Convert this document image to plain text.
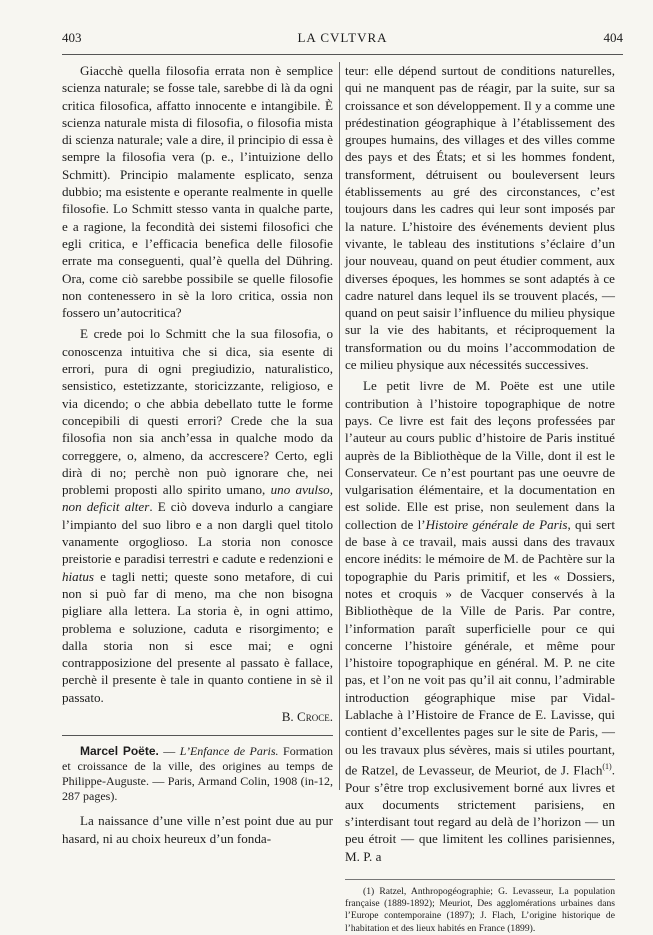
403	LA CVLTVRA	404

Giacchè quella filosofia errata non è semplice scienza naturale; se fosse tale, sarebbe di là da ogni critica filosofica, affatto innocente e intangibile. È scienza naturale mista di filosofia, o filosofia mista di scienza naturale; vale a dire, il principio di essa è sempre la filosofia vera (p. e., l’intuizione dello Schmitt). Principio malamente esplicato, senza dubbio; ma esistente e operante realmente in quelle filosofie. Lo Schmitt stesso vanta in qualche parte, e a ragione, la fecondità dei sistemi filosofici che egli critica, e l’efficacia benefica delle filosofie errate ma conseguenti, qual’è quella del Dühring. Ora, come ciò sarebbe possibile se quelle filosofie non contenessero in sè la loro critica, ossia non fossero un’autocritica?

E crede poi lo Schmitt che la sua filosofia, o conoscenza intuitiva che si dica, sia esente di errori, pura di ogni pregiudizio, naturalistico, sensistico, estetizzante, storicizzante, religioso, e via dicendo; o che abbia debellato tutte le forme concepibili di questi errori? Crede che la sua filosofia non sia anch’essa in qualche modo da correggere, o, almeno, da accrescere? Certo, egli dirà di no; perchè non può ignorare che, nei problemi proposti allo spirito umano, uno avulso, non deficit alter. E ciò doveva indurlo a cangiare l’impianto del suo libro e a non dargli quel titolo vanamente orgoglioso. La storia non conosce preistorie e paradisi terrestri e cadute e redenzioni e hiatus e tagli netti; queste sono metafore, di cui non si può far di meno, ma che non bisogna pigliare alla lettera. La storia è, in ogni attimo, problema e soluzione, caduta e risorgimento; e dalla storia non si esce mai; e ogni contrapposizione del presente al passato è fallace, perchè il presente è tale in quanto contiene in sè il passato.

B. Croce.

Marcel Poëte. — L’Enfance de Paris. Formation et croissance de la ville, des origines au temps de Philippe-Auguste. — Paris, Armand Colin, 1908 (in-12, 287 pages).

La naissance d’une ville n’est point due au pur hasard, ni au choix heureux d’un fonda-

teur: elle dépend surtout de conditions naturelles, qui ne manquent pas de réagir, par la suite, sur sa croissance et son développement. Il y a comme une prédestination géographique à l’établissement des groupes humains, des villages et des villes comme des pays et des États; et si les hommes fondent, transforment, détruisent ou bouleversent leurs établissements au gré des circonstances, c’est toujours dans les cadres qui leur sont imposés par la nature. L’histoire des événements devient plus vivante, le tableau des institutions s’éclaire d’un jour nouveau, quand on peut étudier comment, aux diverses époques, les hommes se sont adaptés à ce cadre naturel dans lequel ils se trouvent placés, — quand on peut saisir l’influence du milieu physique sur la vie des habitants, et réciproquement la transformation ou du moins l’accommodation de ce milieu physique aux nécessités successives.

Le petit livre de M. Poëte est une utile contribution à l’histoire topographique de notre pays. Ce livre est fait des leçons professées par l’auteur au cours public d’histoire de Paris institué auprès de la Bibliothèque de la Ville, dont il est le Conservateur. Ce n’est pourtant pas une oeuvre de vulgarisation élémentaire, et la documentation en est solide. Elle est prise, non seulement dans la collection de l’Histoire générale de Paris, qui sert de base à ce travail, mais aussi dans des travaux encore inédits: le mémoire de M. de Pachtère sur la topographie du Paris primitif, et les « Dossiers, notes et croquis » de Vacquer conservés à la Bibliothèque de la Ville de Paris. Par contre, l’information paraît superficielle pour ce qui concerne l’histoire générale, et même pour l’histoire topographique en général. M. P. ne cite pas, et l’on ne voit pas qu’il ait connu, l’admirable introduction géographique mise par Vidal-Lablache à l’Histoire de France de E. Lavisse, qui contient d’excellentes pages sur le site de Paris, — ou les travaux plus sévères, mais si utiles pourtant, de Ratzel, de Levasseur, de Meuriot, de J. Flach$^{(1)}$. Pour s’être trop exclusivement borné aux livres et aux documents strictement parisiens, en s’interdisant tout regard au delà de l’horizon — un peu étroit — que limitent les collines parisiennes, M. P. a

(1) Ratzel, Anthropogéographie; G. Levasseur, La population française (1889-1892); Meuriot, Des agglomérations urbaines dans l’Europe contemporaine (1897); J. Flach, L’origine historique de l’habitation et des lieux habités en France (1899).
